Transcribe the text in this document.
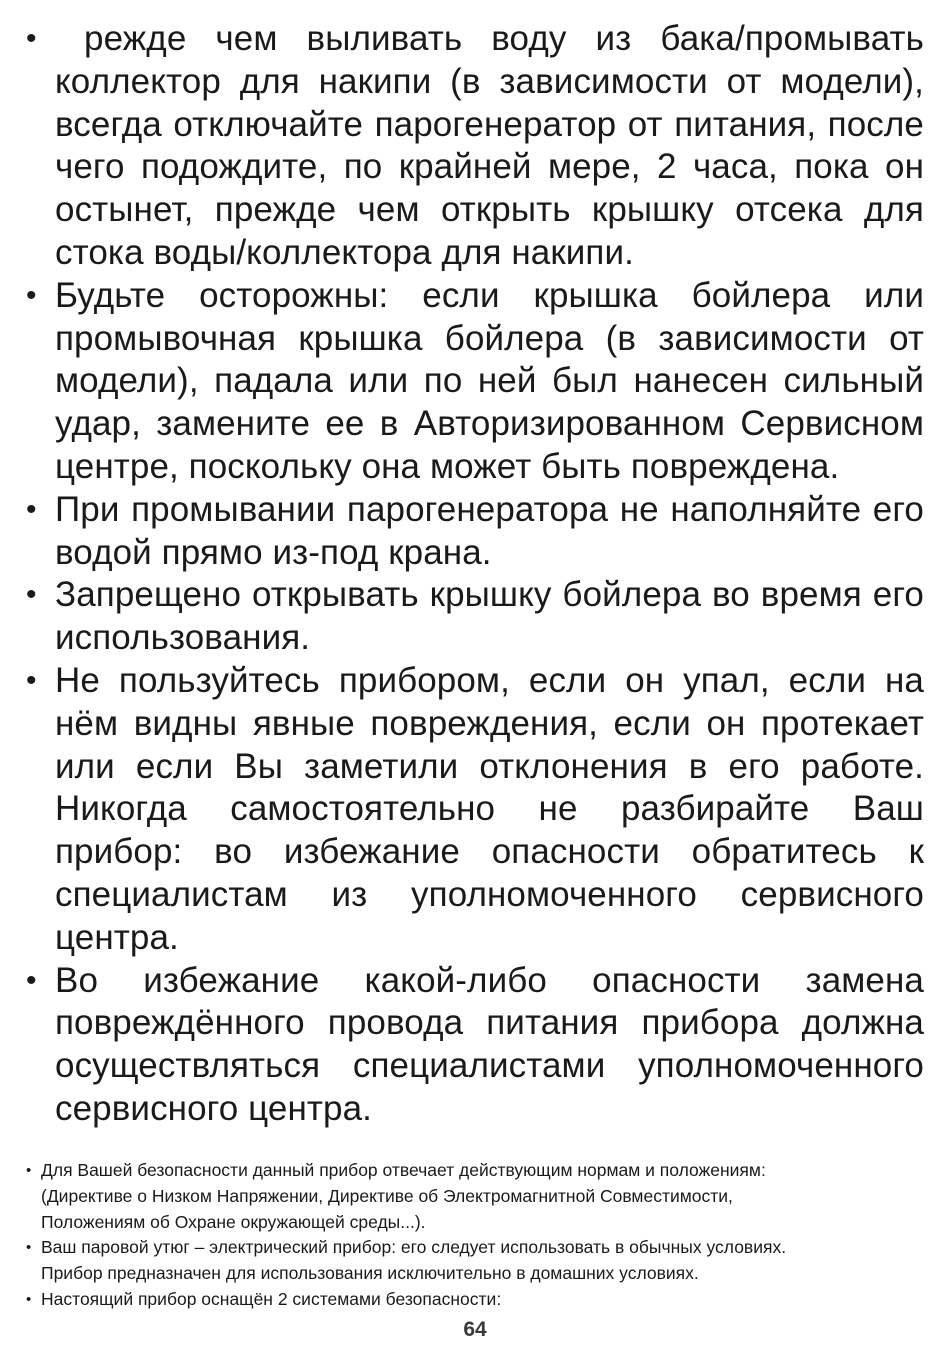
• режде чем выливать воду из бака/промывать коллектор для накипи (в зависимости от модели), всегда отключайте парогенератор от питания, после чего подождите, по крайней мере, 2 часа, пока он остынет, прежде чем открыть крышку отсека для стока воды/коллектора для накипи.
• Будьте осторожны: если крышка бойлера или промывочная крышка бойлера (в зависимости от модели), падала или по ней был нанесен сильный удар, замените ее в Авторизированном Сервисном центре, поскольку она может быть повреждена.
• При промывании парогенератора не наполняйте его водой прямо из-под крана.
• Запрещено открывать крышку бойлера во время его использования.
• Не пользуйтесь прибором, если он упал, если на нём видны явные повреждения, если он протекает или если Вы заметили отклонения в его работе. Никогда самостоятельно не разбирайте Ваш прибор: во избежание опасности обратитесь к специалистам из уполномоченного сервисного центра.
• Во избежание какой-либо опасности замена повреждённого провода питания прибора должна осуществляться специалистами уполномоченного сервисного центра.
• Для Вашей безопасности данный прибор отвечает действующим нормам и положениям:
(Директиве о Низком Напряжении, Директиве об Электромагнитной Совместимости,
Положениям об Охране окружающей среды...).
• Ваш паровой утюг – электрический прибор: его следует использовать в обычных условиях.
Прибор предназначен для использования исключительно в домашних условиях.
• Настоящий прибор оснащён 2 системами безопасности:
64
